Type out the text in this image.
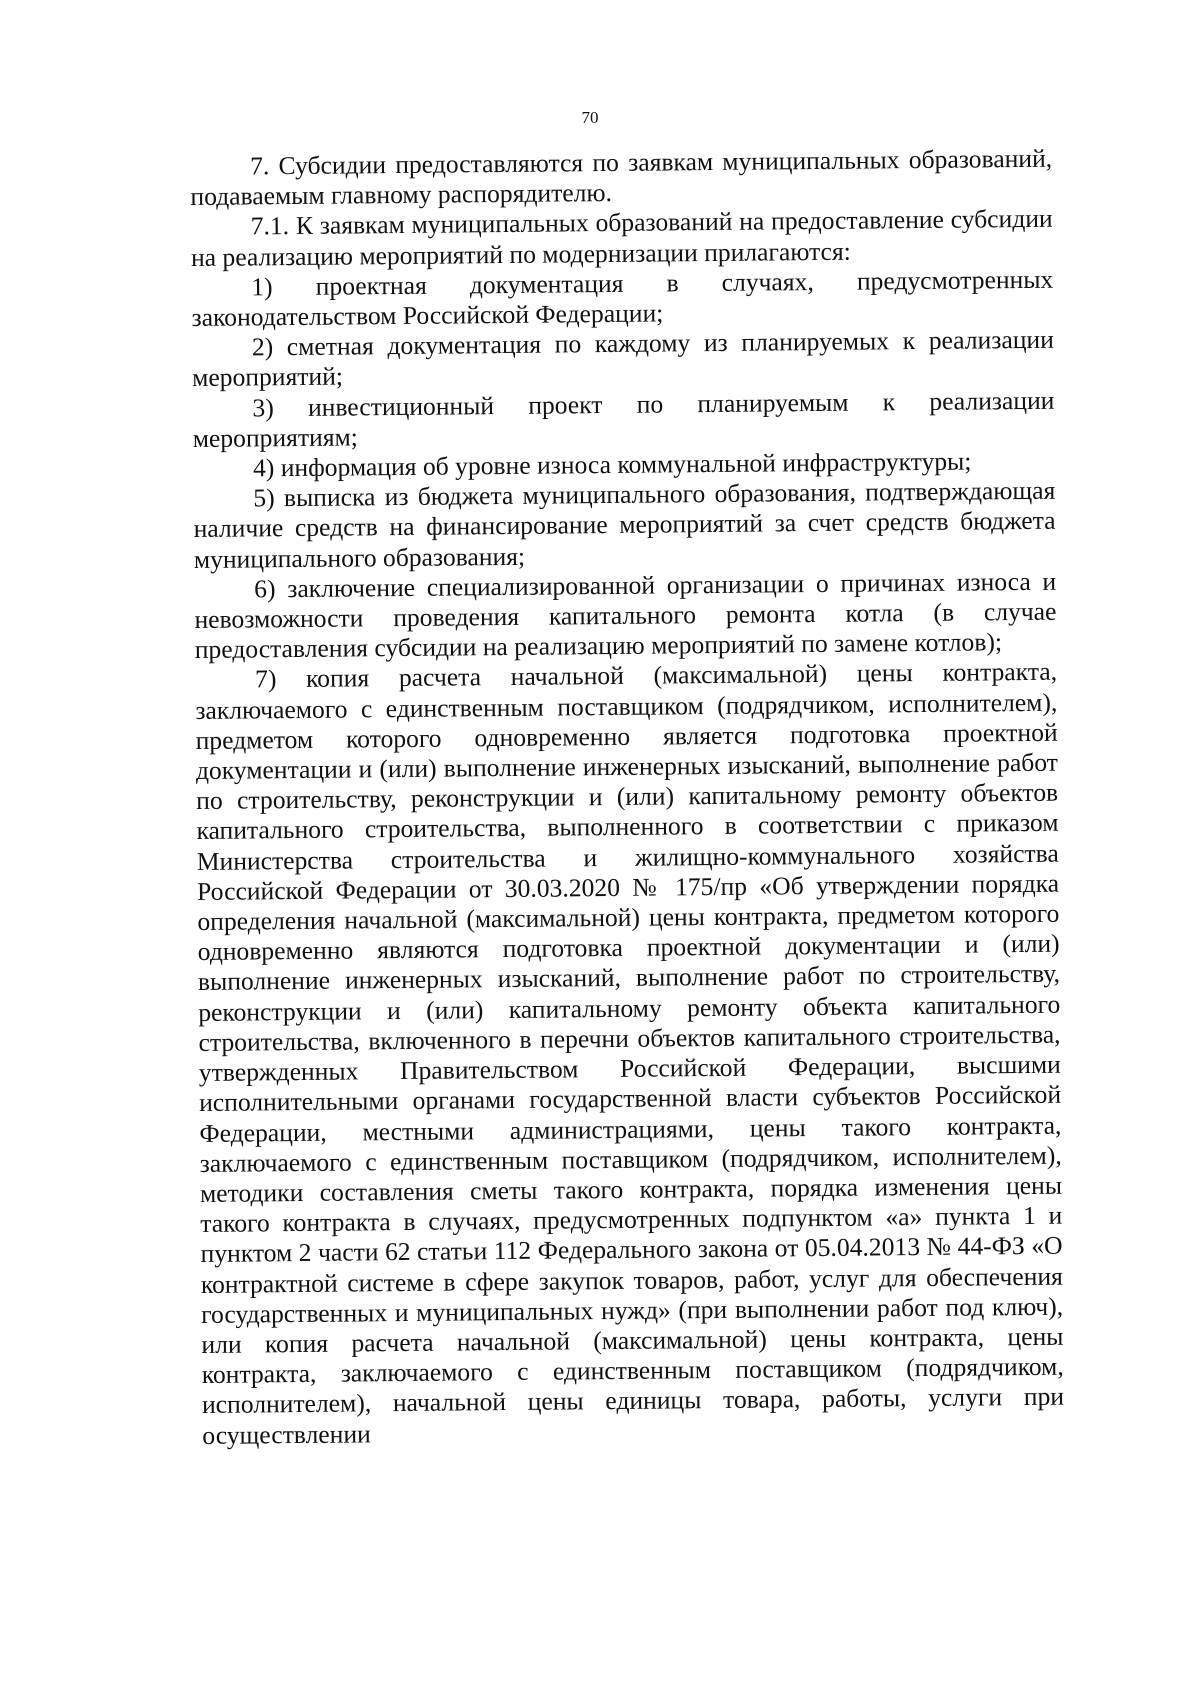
70

7. Субсидии предоставляются по заявкам муниципальных образований, подаваемым главному распорядителю.

7.1. К заявкам муниципальных образований на предоставление субсидии на реализацию мероприятий по модернизации прилагаются:

1) проектная документация в случаях, предусмотренных законодательством Российской Федерации;

2) сметная документация по каждому из планируемых к реализации мероприятий;

3) инвестиционный проект по планируемым к реализации мероприятиям;

4) информация об уровне износа коммунальной инфраструктуры;

5) выписка из бюджета муниципального образования, подтверждающая наличие средств на финансирование мероприятий за счет средств бюджета муниципального образования;

6) заключение специализированной организации о причинах износа и невозможности проведения капитального ремонта котла (в случае предоставления субсидии на реализацию мероприятий по замене котлов);

7) копия расчета начальной (максимальной) цены контракта, заключаемого с единственным поставщиком (подрядчиком, исполнителем), предметом которого одновременно является подготовка проектной документации и (или) выполнение инженерных изысканий, выполнение работ по строительству, реконструкции и (или) капитальному ремонту объектов капитального строительства, выполненного в соответствии с приказом Министерства строительства и жилищно-коммунального хозяйства Российской Федерации от 30.03.2020 № 175/пр «Об утверждении порядка определения начальной (максимальной) цены контракта, предметом которого одновременно являются подготовка проектной документации и (или) выполнение инженерных изысканий, выполнение работ по строительству, реконструкции и (или) капитальному ремонту объекта капитального строительства, включенного в перечни объектов капитального строительства, утвержденных Правительством Российской Федерации, высшими исполнительными органами государственной власти субъектов Российской Федерации, местными администрациями, цены такого контракта, заключаемого с единственным поставщиком (подрядчиком, исполнителем), методики составления сметы такого контракта, порядка изменения цены такого контракта в случаях, предусмотренных подпунктом «а» пункта 1 и пунктом 2 части 62 статьи 112 Федерального закона от 05.04.2013 № 44-ФЗ «О контрактной системе в сфере закупок товаров, работ, услуг для обеспечения государственных и муниципальных нужд» (при выполнении работ под ключ), или копия расчета начальной (максимальной) цены контракта, цены контракта, заключаемого с единственным поставщиком (подрядчиком, исполнителем), начальной цены единицы товара, работы, услуги при осуществлении
